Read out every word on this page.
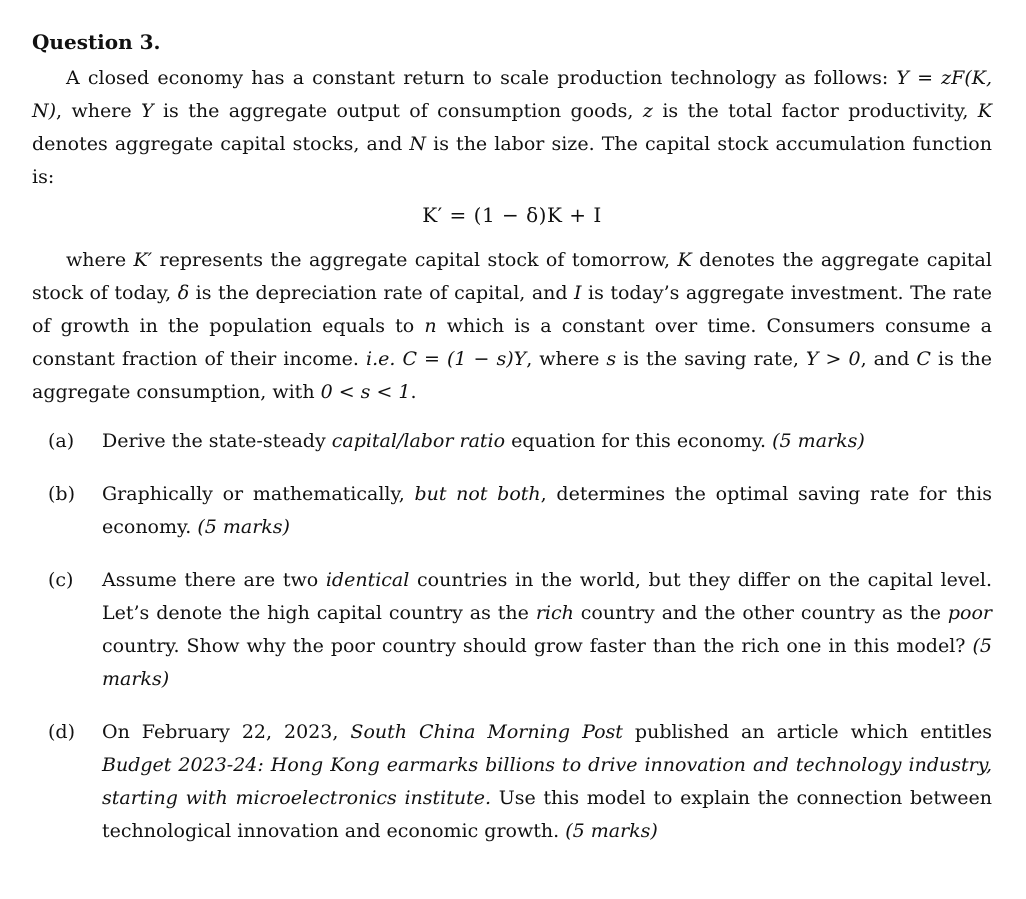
Question 3.

A closed economy has a constant return to scale production technology as follows: Y = zF(K, N), where Y is the aggregate output of consumption goods, z is the total factor productivity, K denotes aggregate capital stocks, and N is the labor size. The capital stock accumulation function is:

K′ = (1 − δ)K + I

where K′ represents the aggregate capital stock of tomorrow, K denotes the aggregate capital stock of today, δ is the depreciation rate of capital, and I is today’s aggregate investment. The rate of growth in the population equals to n which is a constant over time. Consumers consume a constant fraction of their income. i.e. C = (1 − s)Y, where s is the saving rate, Y > 0, and C is the aggregate consumption, with 0 < s < 1.

(a)	Derive the state-steady capital/labor ratio equation for this economy. (5 marks)
(b)	Graphically or mathematically, but not both, determines the optimal saving rate for this economy. (5 marks)
(c)	Assume there are two identical countries in the world, but they differ on the capital level. Let’s denote the high capital country as the rich country and the other country as the poor country. Show why the poor country should grow faster than the rich one in this model? (5 marks)
(d)	On February 22, 2023, South China Morning Post published an article which entitles Budget 2023-24: Hong Kong earmarks billions to drive innovation and technology industry, starting with microelectronics institute. Use this model to explain the connection between technological innovation and economic growth. (5 marks)
